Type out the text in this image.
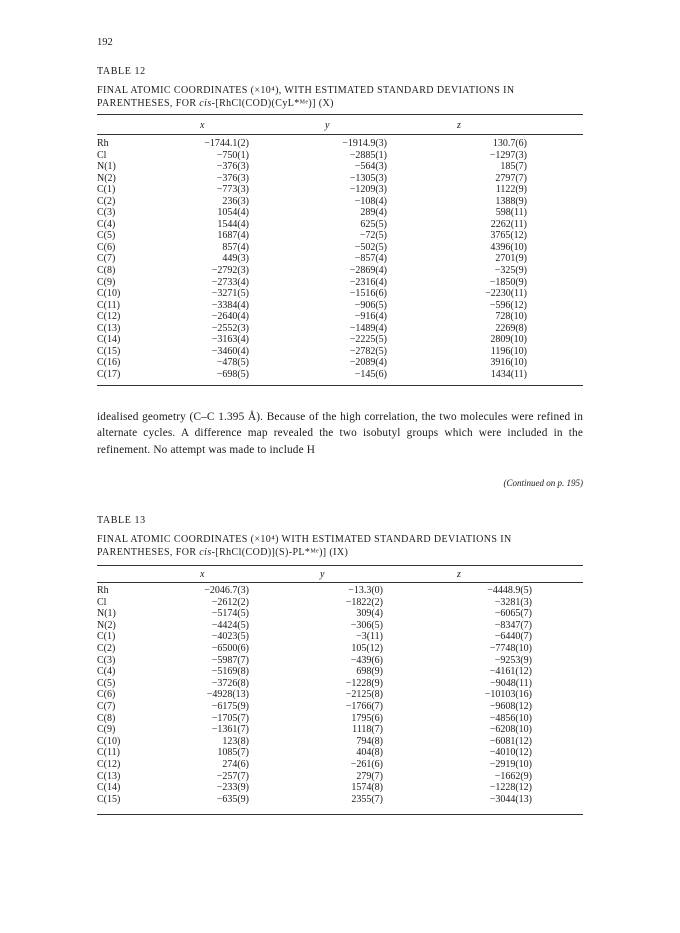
192
TABLE 12
FINAL ATOMIC COORDINATES (×10⁴), WITH ESTIMATED STANDARD DEVIATIONS IN
PARENTHESES, FOR cis-[RhCl(COD)(CyL*ᴹᵉ)] (X)
x	y	z
Rh	−1744.1(2)	−1914.9(3)	130.7(6)
Cl	−750(1)	−2885(1)	−1297(3)
N(1)	−376(3)	−564(3)	185(7)
N(2)	−376(3)	−1305(3)	2797(7)
C(1)	−773(3)	−1209(3)	1122(9)
C(2)	236(3)	−108(4)	1388(9)
C(3)	1054(4)	289(4)	598(11)
C(4)	1544(4)	625(5)	2262(11)
C(5)	1687(4)	−72(5)	3765(12)
C(6)	857(4)	−502(5)	4396(10)
C(7)	449(3)	−857(4)	2701(9)
C(8)	−2792(3)	−2869(4)	−325(9)
C(9)	−2733(4)	−2316(4)	−1850(9)
C(10)	−3271(5)	−1516(6)	−2230(11)
C(11)	−3384(4)	−906(5)	−596(12)
C(12)	−2640(4)	−916(4)	728(10)
C(13)	−2552(3)	−1489(4)	2269(8)
C(14)	−3163(4)	−2225(5)	2809(10)
C(15)	−3460(4)	−2782(5)	1196(10)
C(16)	−478(5)	−2089(4)	3916(10)
C(17)	−698(5)	−145(6)	1434(11)
idealised geometry (C–C 1.395 Å). Because of the high correlation, the two molecules were refined in alternate cycles. A difference map revealed the two isobutyl groups which were included in the refinement. No attempt was made to include H
(Continued on p. 195)
TABLE 13
FINAL ATOMIC COORDINATES (×10⁴) WITH ESTIMATED STANDARD DEVIATIONS IN
PARENTHESES, FOR cis-[RhCl(COD)](S)-PL*ᴹᵉ)] (IX)
x	y	z
Rh	−2046.7(3)	−13.3(0)	−4448.9(5)
Cl	−2612(2)	−1822(2)	−3281(3)
N(1)	−5174(5)	309(4)	−6065(7)
N(2)	−4424(5)	−306(5)	−8347(7)
C(1)	−4023(5)	−3(11)	−6440(7)
C(2)	−6500(6)	105(12)	−7748(10)
C(3)	−5987(7)	−439(6)	−9253(9)
C(4)	−5169(8)	698(9)	−4161(12)
C(5)	−3726(8)	−1228(9)	−9048(11)
C(6)	−4928(13)	−2125(8)	−10103(16)
C(7)	−6175(9)	−1766(7)	−9608(12)
C(8)	−1705(7)	1795(6)	−4856(10)
C(9)	−1361(7)	1118(7)	−6208(10)
C(10)	123(8)	794(8)	−6081(12)
C(11)	1085(7)	404(8)	−4010(12)
C(12)	274(6)	−261(6)	−2919(10)
C(13)	−257(7)	279(7)	−1662(9)
C(14)	−233(9)	1574(8)	−1228(12)
C(15)	−635(9)	2355(7)	−3044(13)
